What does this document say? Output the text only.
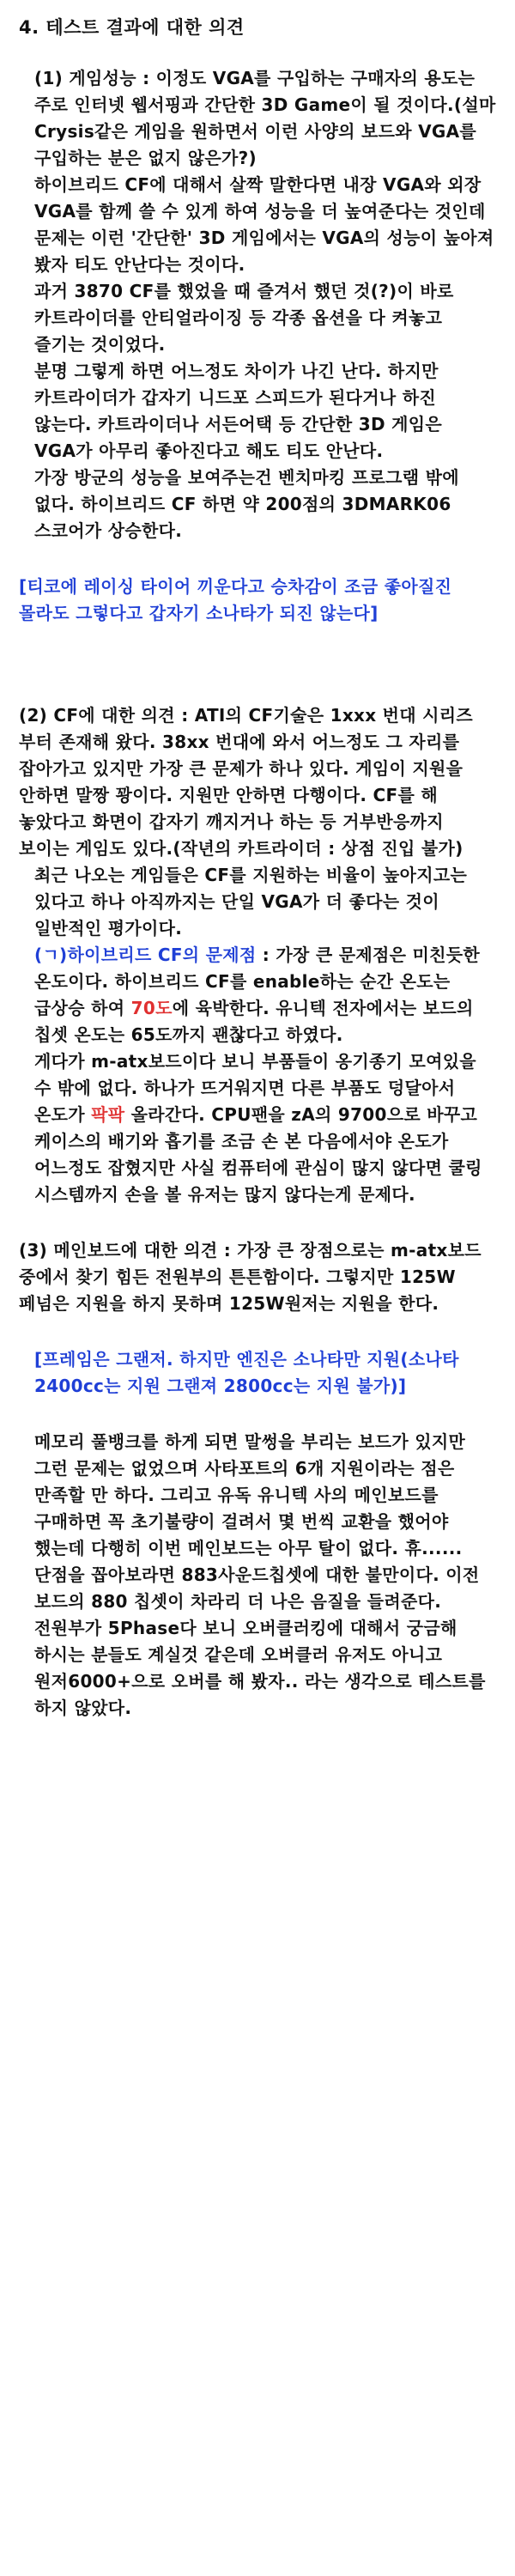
4. 테스트 결과에 대한 의견

(1) 게임성능 : 이정도 VGA를 구입하는 구매자의 용도는 주로 인터넷 웹서핑과 간단한 3D Game이 될 것이다.(설마 Crysis같은 게임을 원하면서 이런 사양의 보드와 VGA를 구입하는 분은 없지 않은가?)

하이브리드 CF에 대해서 살짝 말한다면 내장 VGA와 외장 VGA를 함께 쓸 수 있게 하여 성능을 더 높여준다는 것인데 문제는 이런 '간단한' 3D 게임에서는 VGA의 성능이 높아져 봤자 티도 안난다는 것이다.

과거 3870 CF를 했었을 때 즐겨서 했던 것(?)이 바로 카트라이더를 안티얼라이징 등 각종 옵션을 다 켜놓고 즐기는 것이었다.

분명 그렇게 하면 어느정도 차이가 나긴 난다. 하지만 카트라이더가 갑자기 니드포 스피드가 된다거나 하진 않는다. 카트라이더나 서든어택 등 간단한 3D 게임은 VGA가 아무리 좋아진다고 해도 티도 안난다.

가장 방군의 성능을 보여주는건 벤치마킹 프로그램 밖에 없다. 하이브리드 CF 하면 약 200점의 3DMARK06 스코어가 상승한다.

[티코에 레이싱 타이어 끼운다고 승차감이 조금 좋아질진 몰라도 그렇다고 갑자기 소나타가 되진 않는다]

(2) CF에 대한 의견 : ATI의 CF기술은 1xxx 번대 시리즈 부터 존재해 왔다. 38xx 번대에 와서 어느정도 그 자리를 잡아가고 있지만 가장 큰 문제가 하나 있다. 게임이 지원을 안하면 말짱 꽝이다. 지원만 안하면 다행이다. CF를 해 놓았다고 화면이 갑자기 깨지거나 하는 등 거부반응까지 보이는 게임도 있다.(작년의 카트라이더 : 상점 진입 불가)

최근 나오는 게임들은 CF를 지원하는 비율이 높아지고는 있다고 하나 아직까지는 단일 VGA가 더 좋다는 것이 일반적인 평가이다.

(ㄱ)하이브리드 CF의 문제점 : 가장 큰 문제점은 미친듯한 온도이다. 하이브리드 CF를 enable하는 순간 온도는 급상승 하여 70도에 육박한다. 유니텍 전자에서는 보드의 칩셋 온도는 65도까지 괜찮다고 하였다.

게다가 m-atx보드이다 보니 부품들이 옹기종기 모여있을 수 밖에 없다. 하나가 뜨거워지면 다른 부품도 덩달아서 온도가 팍팍 올라간다. CPU팬을 zA의 9700으로 바꾸고 케이스의 배기와 흡기를 조금 손 본 다음에서야 온도가 어느정도 잡혔지만 사실 컴퓨터에 관심이 많지 않다면 쿨링 시스템까지 손을 볼 유저는 많지 않다는게 문제다.

(3) 메인보드에 대한 의견 : 가장 큰 장점으로는 m-atx보드 중에서 찾기 힘든 전원부의 튼튼함이다. 그렇지만 125W 페넘은 지원을 하지 못하며 125W원저는 지원을 한다.

[프레임은 그랜저. 하지만 엔진은 소나타만 지원(소나타 2400cc는 지원 그랜져 2800cc는 지원 불가)]

메모리 풀뱅크를 하게 되면 말썽을 부리는 보드가 있지만 그런 문제는 없었으며 사타포트의 6개 지원이라는 점은 만족할 만 하다. 그리고 유독 유니텍 사의 메인보드를 구매하면 꼭 초기불량이 걸려서 몇 번씩 교환을 했어야 했는데 다행히 이번 메인보드는 아무 탈이 없다. 휴......

단점을 꼽아보라면 883사운드칩셋에 대한 불만이다. 이전 보드의 880 칩셋이 차라리 더 나은 음질을 들려준다.

전원부가 5Phase다 보니 오버클러킹에 대해서 궁금해 하시는 분들도 계실것 같은데 오버클러 유저도 아니고 원저6000+으로 오버를 해 봤자.. 라는 생각으로 테스트를 하지 않았다.
